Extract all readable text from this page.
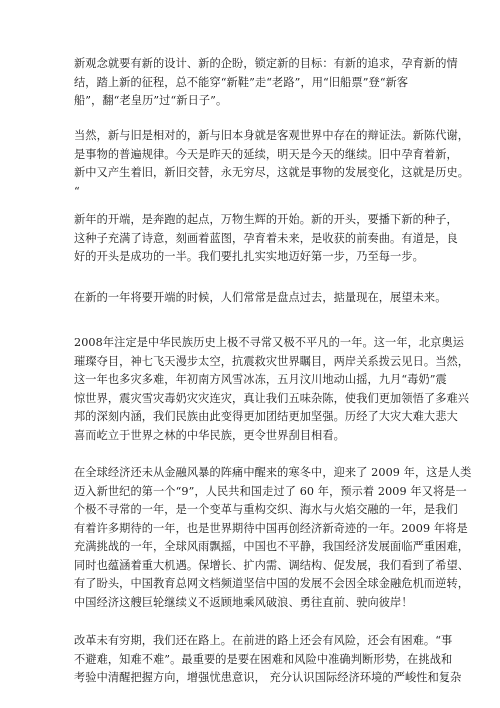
新观念就要有新的设计、新的企盼，锁定新的目标：有新的追求，孕育新的情
结，踏上新的征程，总不能穿“新鞋”走“老路”，用“旧船票”登“新客
船”，翻“老皇历”过“新日子”。
当然，新与旧是相对的，新与旧本身就是客观世界中存在的辩证法。新陈代谢，
是事物的普遍规律。今天是昨天的延续，明天是今天的继续。旧中孕育着新，
新中又产生着旧，新旧交替，永无穷尽，这就是事物的发展变化，这就是历史。
“
新年的开端，是奔跑的起点，万物生辉的开始。新的开头，要播下新的种子，
这种子充满了诗意，刻画着蓝图，孕育着未来，是收获的前奏曲。有道是，良
好的开头是成功的一半。我们要扎扎实实地迈好第一步，乃至每一步。
在新的一年将要开端的时候，人们常常是盘点过去，掂量现在，展望未来。
2008年注定是中华民族历史上极不寻常又极不平凡的一年。这一年，北京奥运
璀璨夺目，神七飞天漫步太空，抗震救灾世界瞩目，两岸关系拨云见日。当然，
这一年也多灾多难，年初南方风雪冰冻，五月汶川地动山摇，九月“毒奶”震
惊世界，震灾雪灾毒奶灾灾连灾，真让我们五味杂陈，使我们更加领悟了多难兴
邦的深刻内涵，我们民族由此变得更加团结更加坚强。历经了大灾大难大悲大
喜而屹立于世界之林的中华民族，更令世界刮目相看。
在全球经济还未从金融风暴的阵痛中醒来的寒冬中，迎来了 2009 年，这是人类
迈入新世纪的第一个“9”，人民共和国走过了 60 年，预示着 2009 年又将是一
个极不寻常的一年，是一个变革与重构交织、海水与火焰交融的一年，是我们
有着许多期待的一年，也是世界期待中国再创经济新奇迹的一年。2009 年将是
充满挑战的一年，全球风雨飘摇，中国也不平静，我国经济发展面临严重困难，
同时也蕴涵着重大机遇。保增长、扩内需、调结构、促发展，我们看到了希望、
有了盼头，中国教育总网文档频道坚信中国的发展不会因全球金融危机而逆转，
中国经济这艘巨轮继续义不返顾地乘风破浪、勇往直前、驶向彼岸！
改革未有穷期，我们还在路上。在前进的路上还会有风险，还会有困难。“事
不避难，知难不难”。最重要的是要在困难和风险中准确判断形势，在挑战和
考验中清醒把握方向，增强忧患意识， 充分认识国际经济环境的严峻性和复杂
